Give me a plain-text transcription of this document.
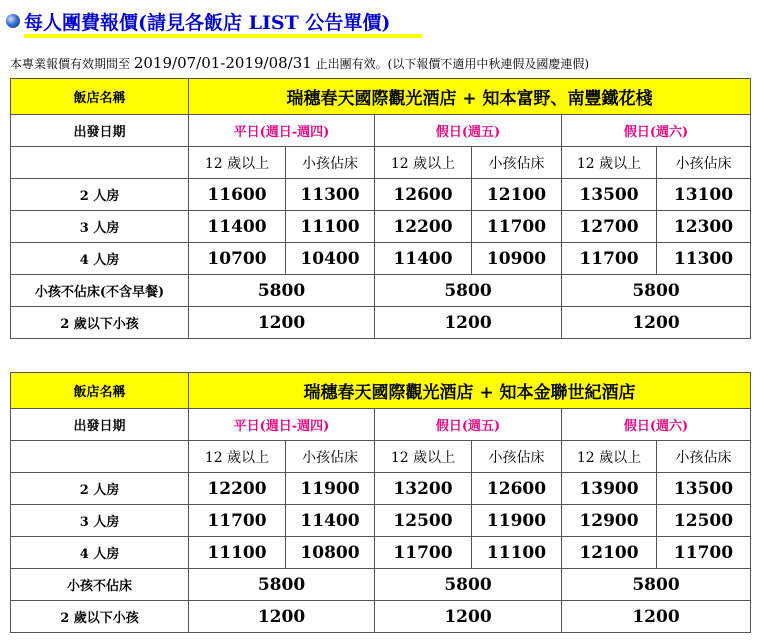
每人團費報價(請見各飯店 LIST 公告單價)
本專業報價有效期間至 2019/07/01-2019/08/31 止出團有效。(以下報價不適用中秋連假及國慶連假)
飯店名稱	瑞穗春天國際觀光酒店 + 知本富野、南豐鐵花棧					
出發日期	平日(週日-週四)		假日(週五)		假日(週六)	
	12 歲以上	小孩佔床	12 歲以上	小孩佔床	12 歲以上	小孩佔床
2 人房	11600	11300	12600	12100	13500	13100
3 人房	11400	11100	12200	11700	12700	12300
4 人房	10700	10400	11400	10900	11700	11300
小孩不佔床(不含早餐)	5800		5800		5800	
2 歲以下小孩	1200		1200		1200	
飯店名稱	瑞穗春天國際觀光酒店 + 知本金聯世紀酒店					
出發日期	平日(週日-週四)		假日(週五)		假日(週六)	
	12 歲以上	小孩佔床	12 歲以上	小孩佔床	12 歲以上	小孩佔床
2 人房	12200	11900	13200	12600	13900	13500
3 人房	11700	11400	12500	11900	12900	12500
4 人房	11100	10800	11700	11100	12100	11700
小孩不佔床	5800		5800		5800	
2 歲以下小孩	1200		1200		1200	
